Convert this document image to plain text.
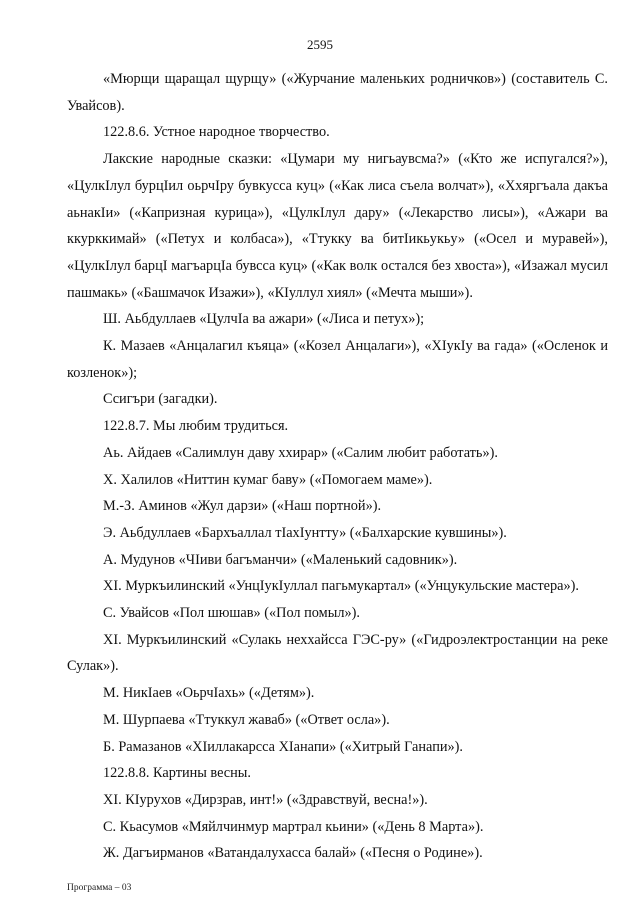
2595

«Мюрщи щаращал щурщу» («Журчание маленьких родничков») (составитель С. Увайсов).

122.8.6. Устное народное творчество.

Лакские народные сказки: «Цумари му нигьаувсма?» («Кто же испугался?»), «ЦулкIлул бурцIил оьрчIру бувкусса куц» («Как лиса съела волчат»), «Ххяргъала дакъа аьнакIи» («Капризная курица»), «ЦулкIлул дару» («Лекарство лисы»), «Ажари ва ккурккимай» («Петух и колбаса»), «Ттукку ва битIикьукьу» («Осел и муравей»), «ЦулкIлул барцI магъарцIа бувсса куц» («Как волк остался без хвоста»), «Изажал мусил пашмакь» («Башмачок Изажи»), «КIуллул хиял» («Мечта мыши»).

Ш. Аьбдуллаев «ЦулчIа ва ажари» («Лиса и петух»);

К. Мазаев «Анцалагил къяца» («Козел Анцалаги»), «ХIукIу ва гада» («Осленок и козленок»);

Ссигъри (загадки).

122.8.7. Мы любим трудиться.

Аь. Айдаев «Салимлун даву ххирар» («Салим любит работать»).

Х. Халилов «Ниттин кумаг баву» («Помогаем маме»).

М.-З. Аминов «Жул дарзи» («Наш портной»).

Э. Аьбдуллаев «Бархъаллал тIахIунтту» («Балхарские кувшины»).

А. Мудунов «ЧIиви багъманчи» («Маленький садовник»).

ХI. Муркъилинский «УнцIукIуллал пагьмукартал» («Унцукульские мастера»).

С. Увайсов «Пол шюшав» («Пол помыл»).

ХI. Муркъилинский «Сулакь неххайсса ГЭС-ру» («Гидроэлектростанции на реке Сулак»).

М. НикIаев «ОьрчIахь» («Детям»).

М. Шурпаева «Ттуккул жаваб» («Ответ осла»).

Б. Рамазанов «ХIиллакарсса ХIанапи» («Хитрый Ганапи»).

122.8.8. Картины весны.

ХI. КIурухов «Дирзрав, инт!» («Здравствуй, весна!»).

С. Кьасумов «Мяйлчинмур мартрал кьини» («День 8 Марта»).

Ж. Дагъирманов «Ватандалухасса балай» («Песня о Родине»).

Программа – 03
